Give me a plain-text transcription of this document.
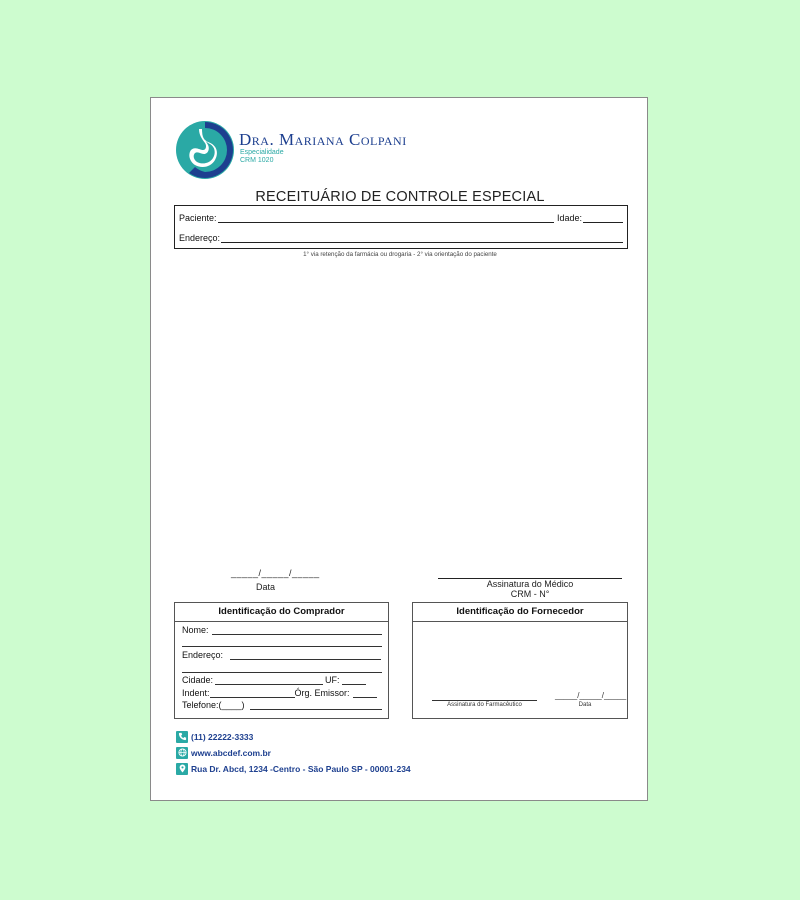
Dra. Mariana Colpani
Especialidade
CRM 1020
RECEITUÁRIO DE CONTROLE ESPECIAL
Paciente:	Idade:
Endereço:
1° via retenção da farmácia ou drogaria - 2° via orientação do paciente
_____/_____/_____
Data	Assinatura do Médico
CRM - N°
Identificação do Comprador
Nome:
Endereço:
Cidade:	UF:
Indent:	Órg. Emissor:
Telefone:(____)
Identificação do Fornecedor
Assinatura do Farmacêutico
_____/_____/_____
Data
(11) 22222-3333
www.abcdef.com.br
Rua Dr. Abcd, 1234 -Centro - São Paulo SP - 00001-234
